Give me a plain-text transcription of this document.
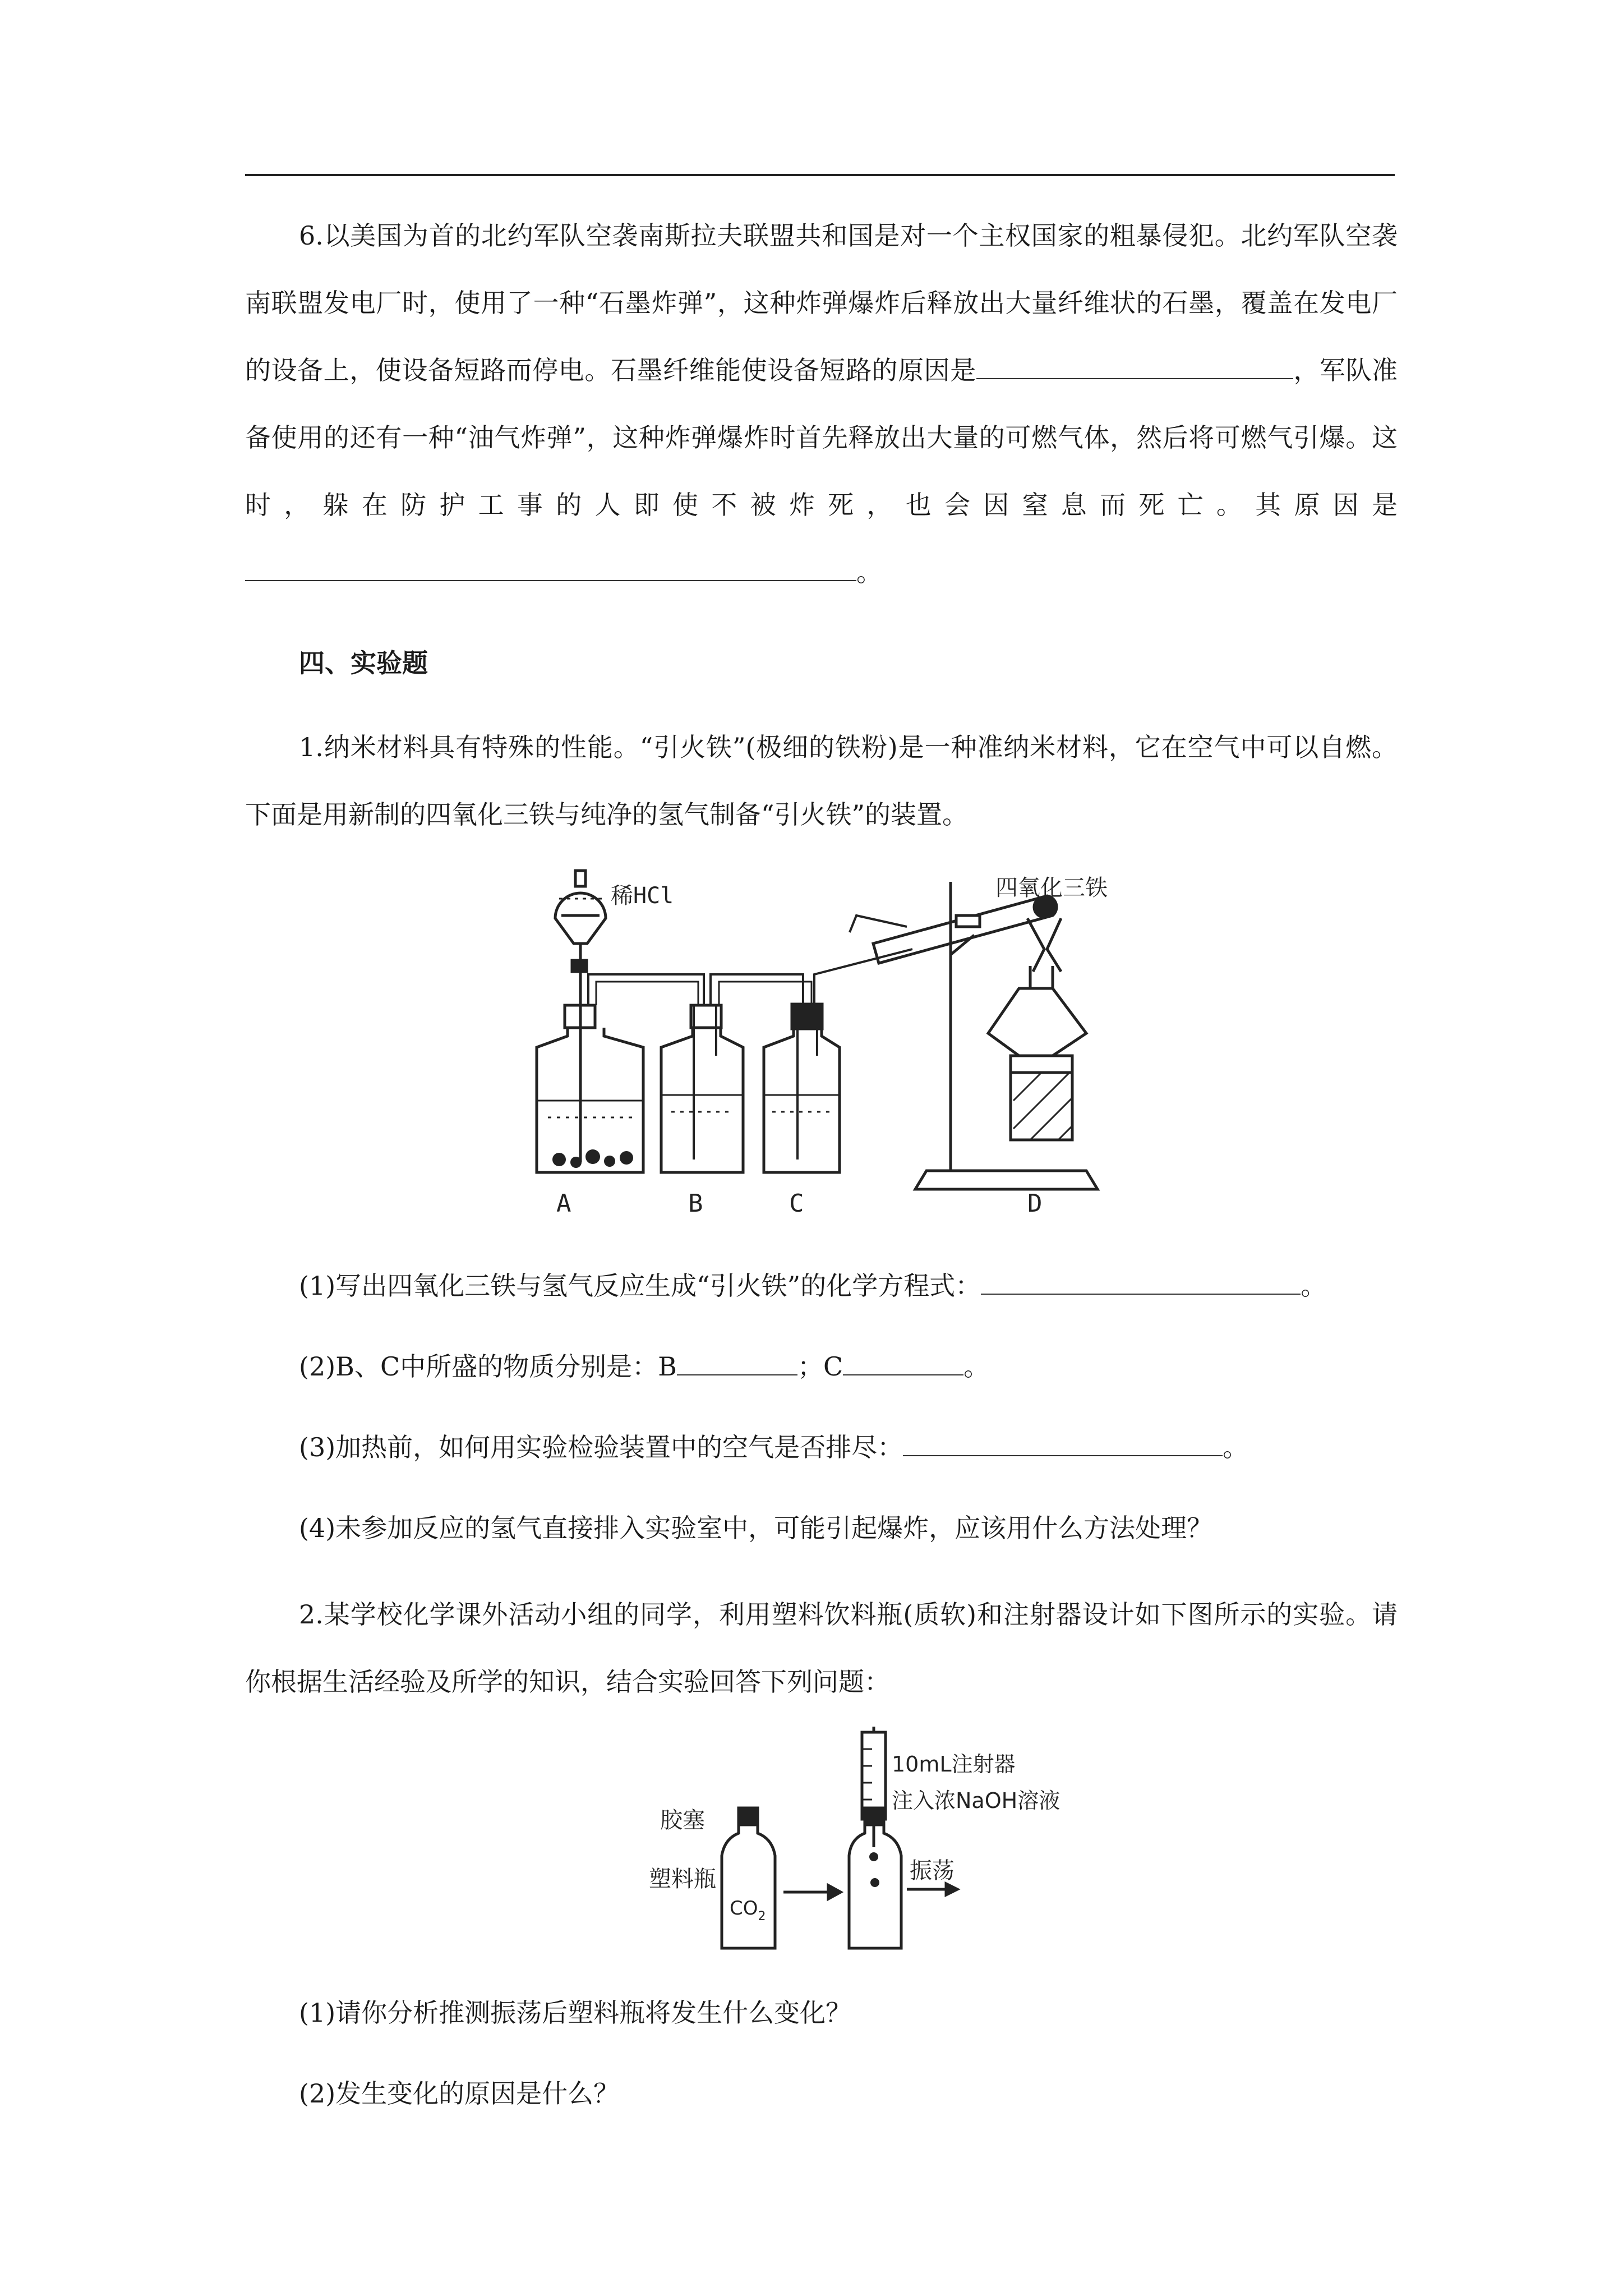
6.以美国为首的北约军队空袭南斯拉夫联盟共和国是对一个主权国家的粗暴侵犯。北约军队空袭南联盟发电厂时，使用了一种“石墨炸弹”，这种炸弹爆炸后释放出大量纤维状的石墨，覆盖在发电厂的设备上，使设备短路而停电。石墨纤维能使设备短路的原因是	，军队准备使用的还有一种“油气炸弹”，这种炸弹爆炸时首先释放出大量的可燃气体，然后将可燃气引爆。这时，躲在防护工事的人即使不被炸死，也会因窒息而死亡。其原因是。

四、实验题

1.纳米材料具有特殊的性能。“引火铁”(极细的铁粉)是一种准纳米材料，它在空气中可以自燃。下面是用新制的四氧化三铁与纯净的氢气制备“引火铁”的装置。

稀HCl	四氧化三铁
A	B	C	D

(1)写出四氧化三铁与氢气反应生成“引火铁”的化学方程式：	。

(2)B、C中所盛的物质分别是：B	；C	。

(3)加热前，如何用实验检验装置中的空气是否排尽：	。

(4)未参加反应的氢气直接排入实验室中，可能引起爆炸，应该用什么方法处理？

2.某学校化学课外活动小组的同学，利用塑料饮料瓶(质软)和注射器设计如下图所示的实验。请你根据生活经验及所学的知识，结合实验回答下列问题：

胶塞
塑料瓶
$CO_2$
10mL注射器
注入浓NaOH溶液
振荡

(1)请你分析推测振荡后塑料瓶将发生什么变化？

(2)发生变化的原因是什么？
